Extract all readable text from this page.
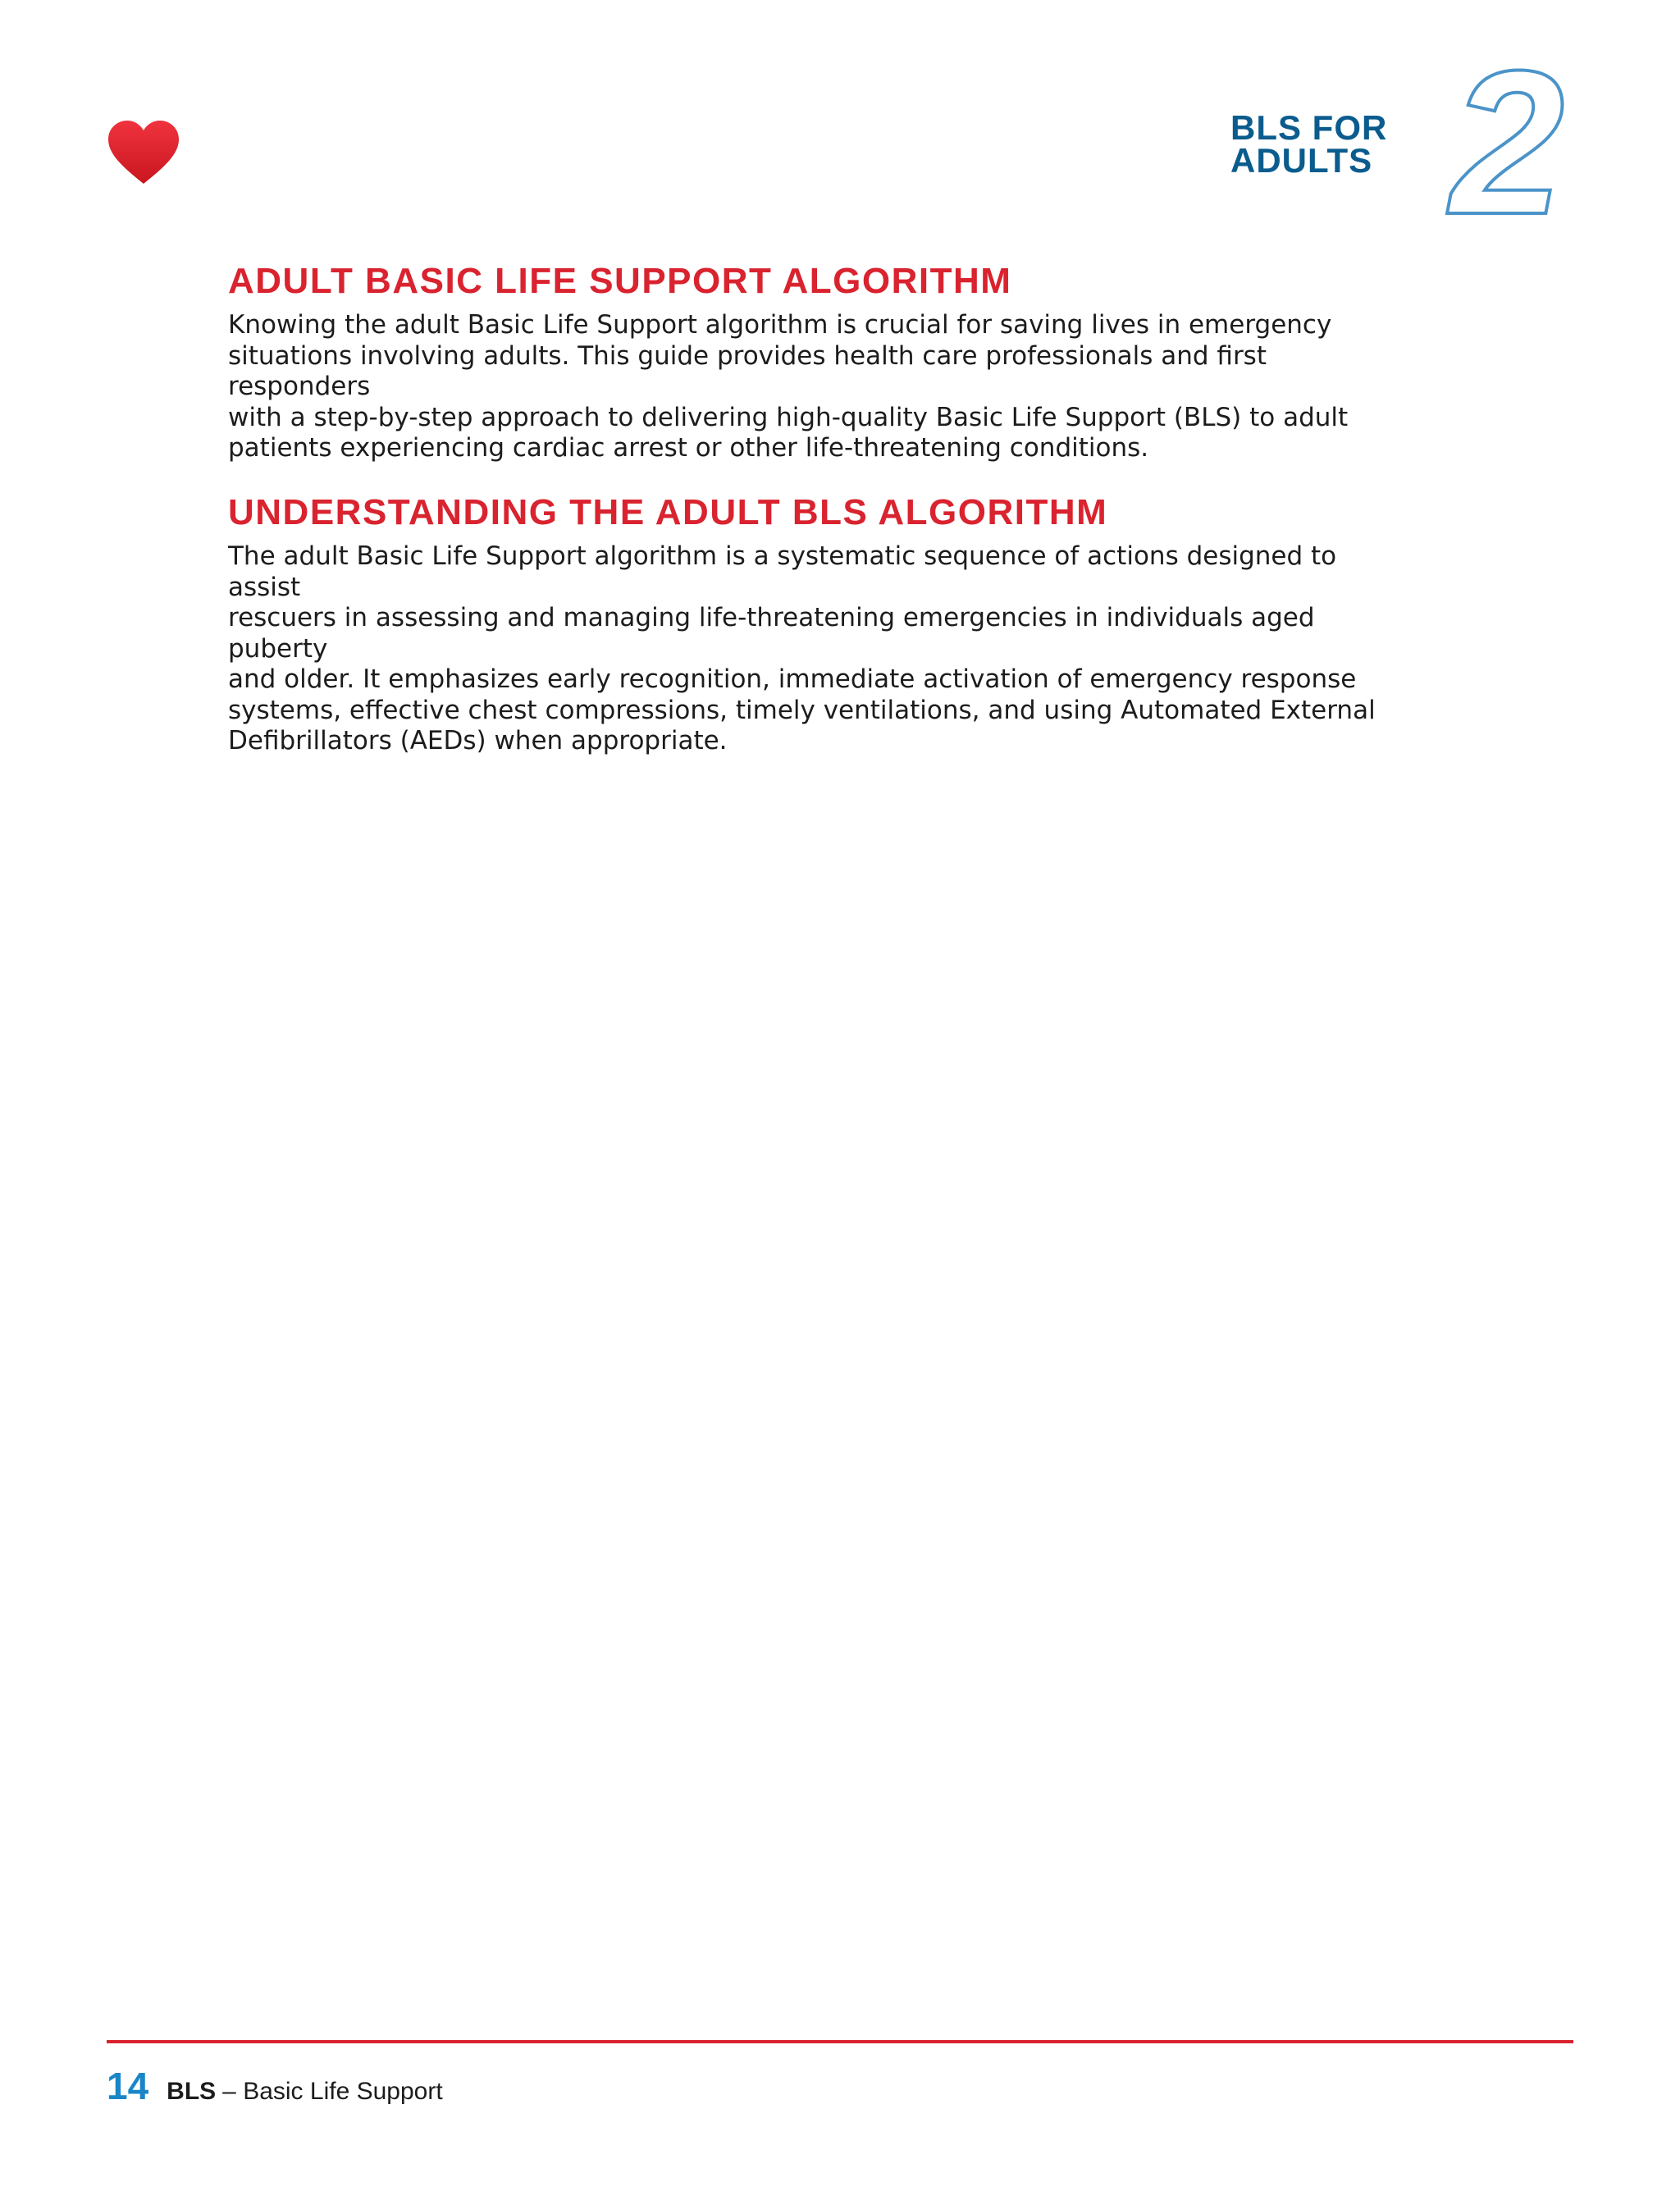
BLS FOR
ADULTS 2
ADULT BASIC LIFE SUPPORT ALGORITHM

Knowing the adult Basic Life Support algorithm is crucial for saving lives in emergency
situations involving adults. This guide provides health care professionals and first responders
with a step-by-step approach to delivering high-quality Basic Life Support (BLS) to adult
patients experiencing cardiac arrest or other life-threatening conditions.

UNDERSTANDING THE ADULT BLS ALGORITHM

The adult Basic Life Support algorithm is a systematic sequence of actions designed to assist
rescuers in assessing and managing life-threatening emergencies in individuals aged puberty
and older. It emphasizes early recognition, immediate activation of emergency response
systems, effective chest compressions, timely ventilations, and using Automated External
Defibrillators (AEDs) when appropriate.

14 BLS – Basic Life Support
